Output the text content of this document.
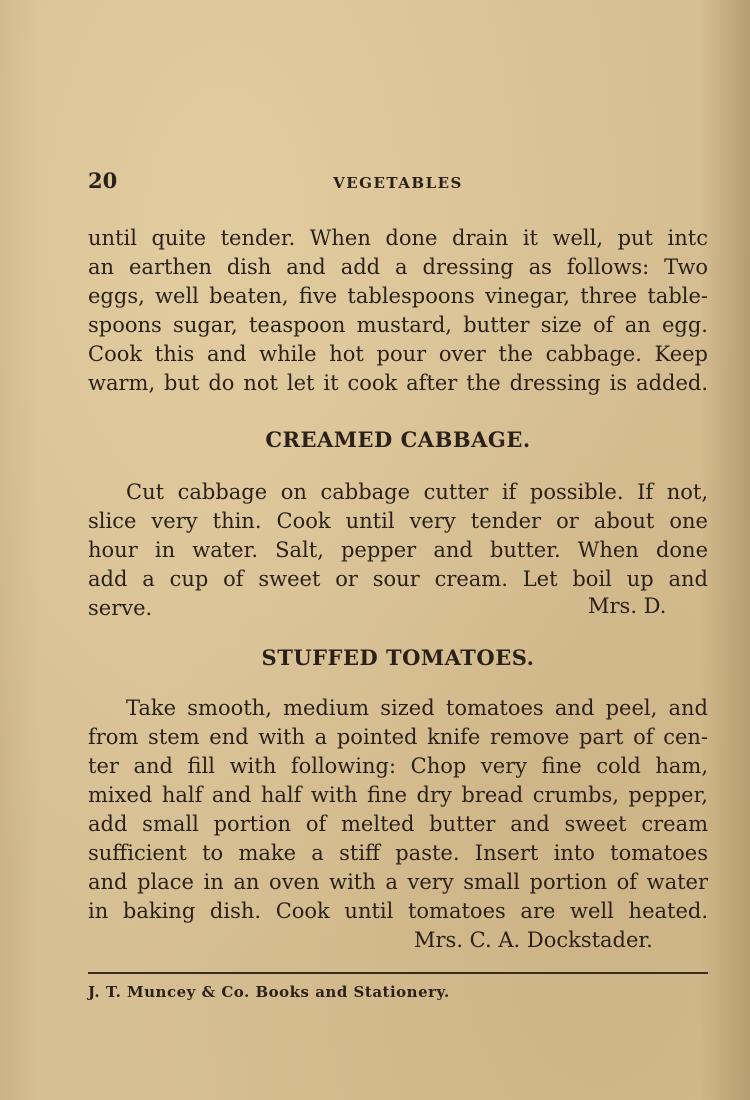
20	VEGETABLES
until quite tender. When done drain it well, put intc
an earthen dish and add a dressing as follows: Two
eggs, well beaten, five tablespoons vinegar, three table-
spoons sugar, teaspoon mustard, butter size of an egg.
Cook this and while hot pour over the cabbage. Keep
warm, but do not let it cook after the dressing is added.
CREAMED CABBAGE.
Cut cabbage on cabbage cutter if possible. If not,
slice very thin. Cook until very tender or about one
hour in water. Salt, pepper and butter. When done
add a cup of sweet or sour cream. Let boil up and
serve.	Mrs. D.
STUFFED TOMATOES.
Take smooth, medium sized tomatoes and peel, and
from stem end with a pointed knife remove part of cen-
ter and fill with following: Chop very fine cold ham,
mixed half and half with fine dry bread crumbs, pepper,
add small portion of melted butter and sweet cream
sufficient to make a stiff paste. Insert into tomatoes
and place in an oven with a very small portion of water
in baking dish. Cook until tomatoes are well heated.
Mrs. C. A. Dockstader.
J. T. Muncey & Co. Books and Stationery.
